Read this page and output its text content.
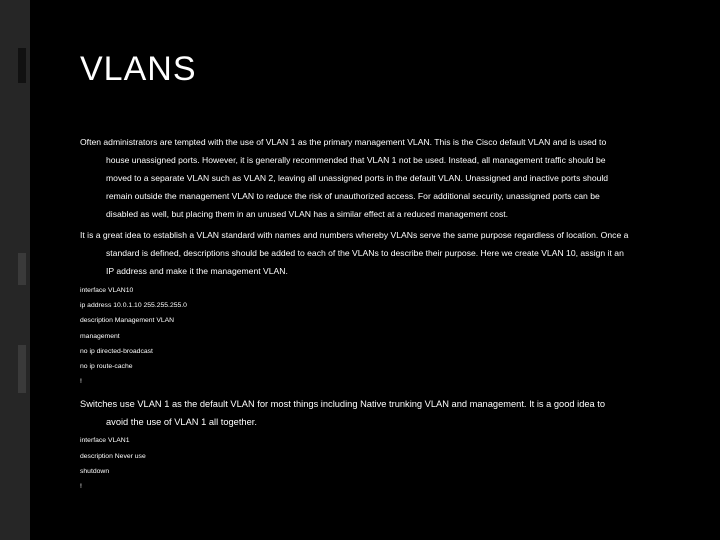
VLANS

Often administrators are tempted with the use of VLAN 1 as the primary management VLAN. This is the Cisco default VLAN and is used to
house unassigned ports. However, it is generally recommended that VLAN 1 not be used. Instead, all management traffic should be
moved to a separate VLAN such as VLAN 2, leaving all unassigned ports in the default VLAN. Unassigned and inactive ports should
remain outside the management VLAN to reduce the risk of unauthorized access. For additional security, unassigned ports can be
disabled as well, but placing them in an unused VLAN has a similar effect at a reduced management cost.

It is a great idea to establish a VLAN standard with names and numbers whereby VLANs serve the same purpose regardless of location. Once a
standard is defined, descriptions should be added to each of the VLANs to describe their purpose. Here we create VLAN 10, assign it an
IP address and make it the management VLAN.

interface VLAN10
ip address 10.0.1.10 255.255.255.0
description Management VLAN
management
no ip directed-broadcast
no ip route-cache
!

Switches use VLAN 1 as the default VLAN for most things including Native trunking VLAN and management. It is a good idea to
avoid the use of VLAN 1 all together.

interface VLAN1
description Never use
shutdown
!
